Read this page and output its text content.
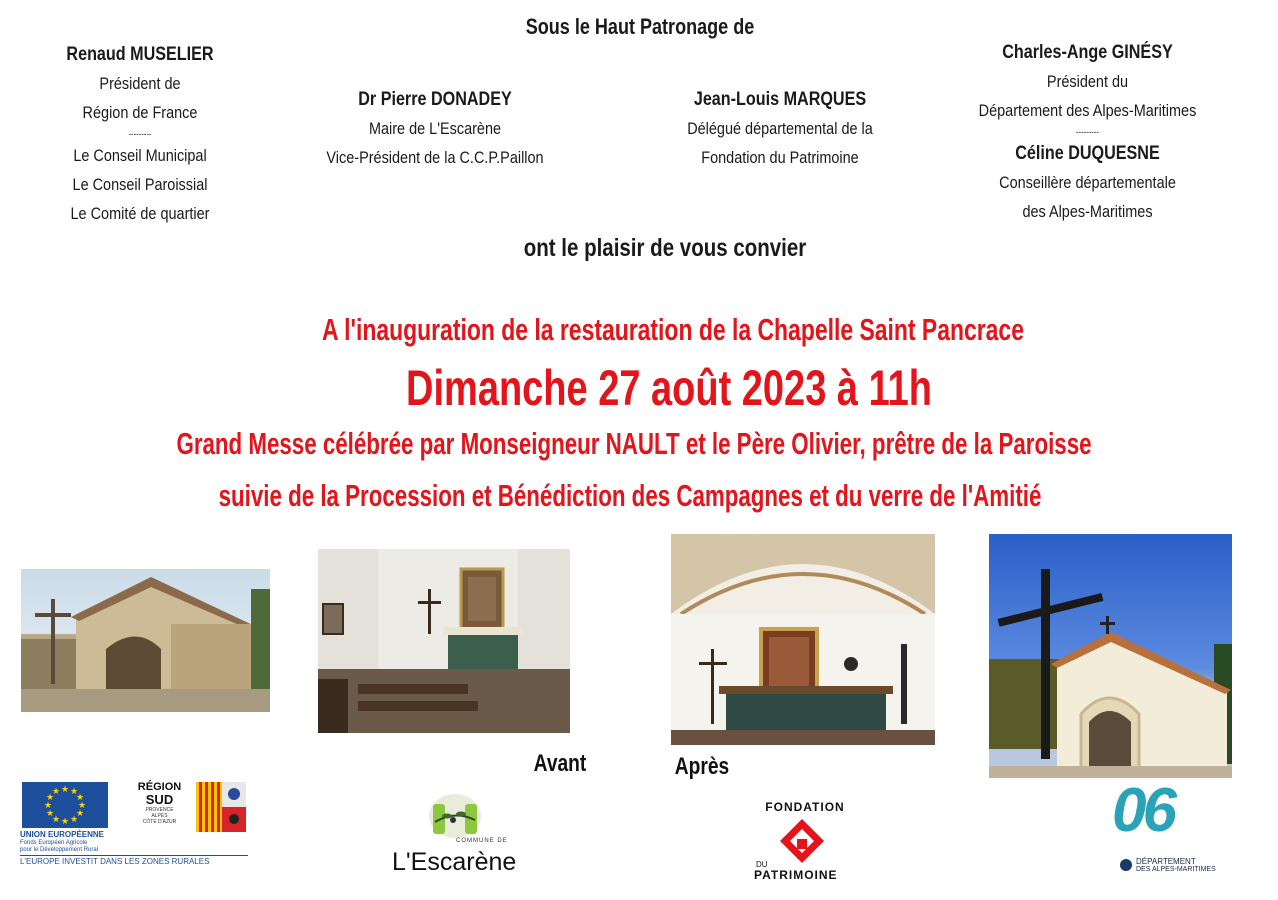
Sous le Haut Patronage de
Renaud MUSELIER
Président de
Région de France
---------
Le Conseil Municipal
Le Conseil Paroissial
Le Comité de quartier
Dr Pierre DONADEY
Maire de L'Escarène
Vice-Président de la C.C.P.Paillon
Jean-Louis MARQUES
Délégué départemental de la
Fondation du Patrimoine
Charles-Ange GINÉSY
Président du
Département des Alpes-Maritimes
---------
Céline DUQUESNE
Conseillère départementale
des Alpes-Maritimes
ont le plaisir de vous convier
A l'inauguration de la restauration de la Chapelle Saint Pancrace
Dimanche 27 août 2023 à 11h
Grand Messe célébrée par Monseigneur NAULT et le Père Olivier, prêtre de la Paroisse
suivie de la Procession et Bénédiction des Campagnes et du verre de l'Amitié
Avant	Après
★ ★
★
★
★
★
★
★
★
★
★
★
UNION EUROPÉENNE
Fonds Européen Agricole
pour le Développement Rural
L'EUROPE INVESTIT DANS LES ZONES RURALES
RÉGION
SUD
PROVENCE
ALPES
CÔTE D'AZUR
COMMUNE DE
L'Escarène
FONDATION
DU
PATRIMOINE
06
DÉPARTEMENT
DES ALPES-MARITIMES
